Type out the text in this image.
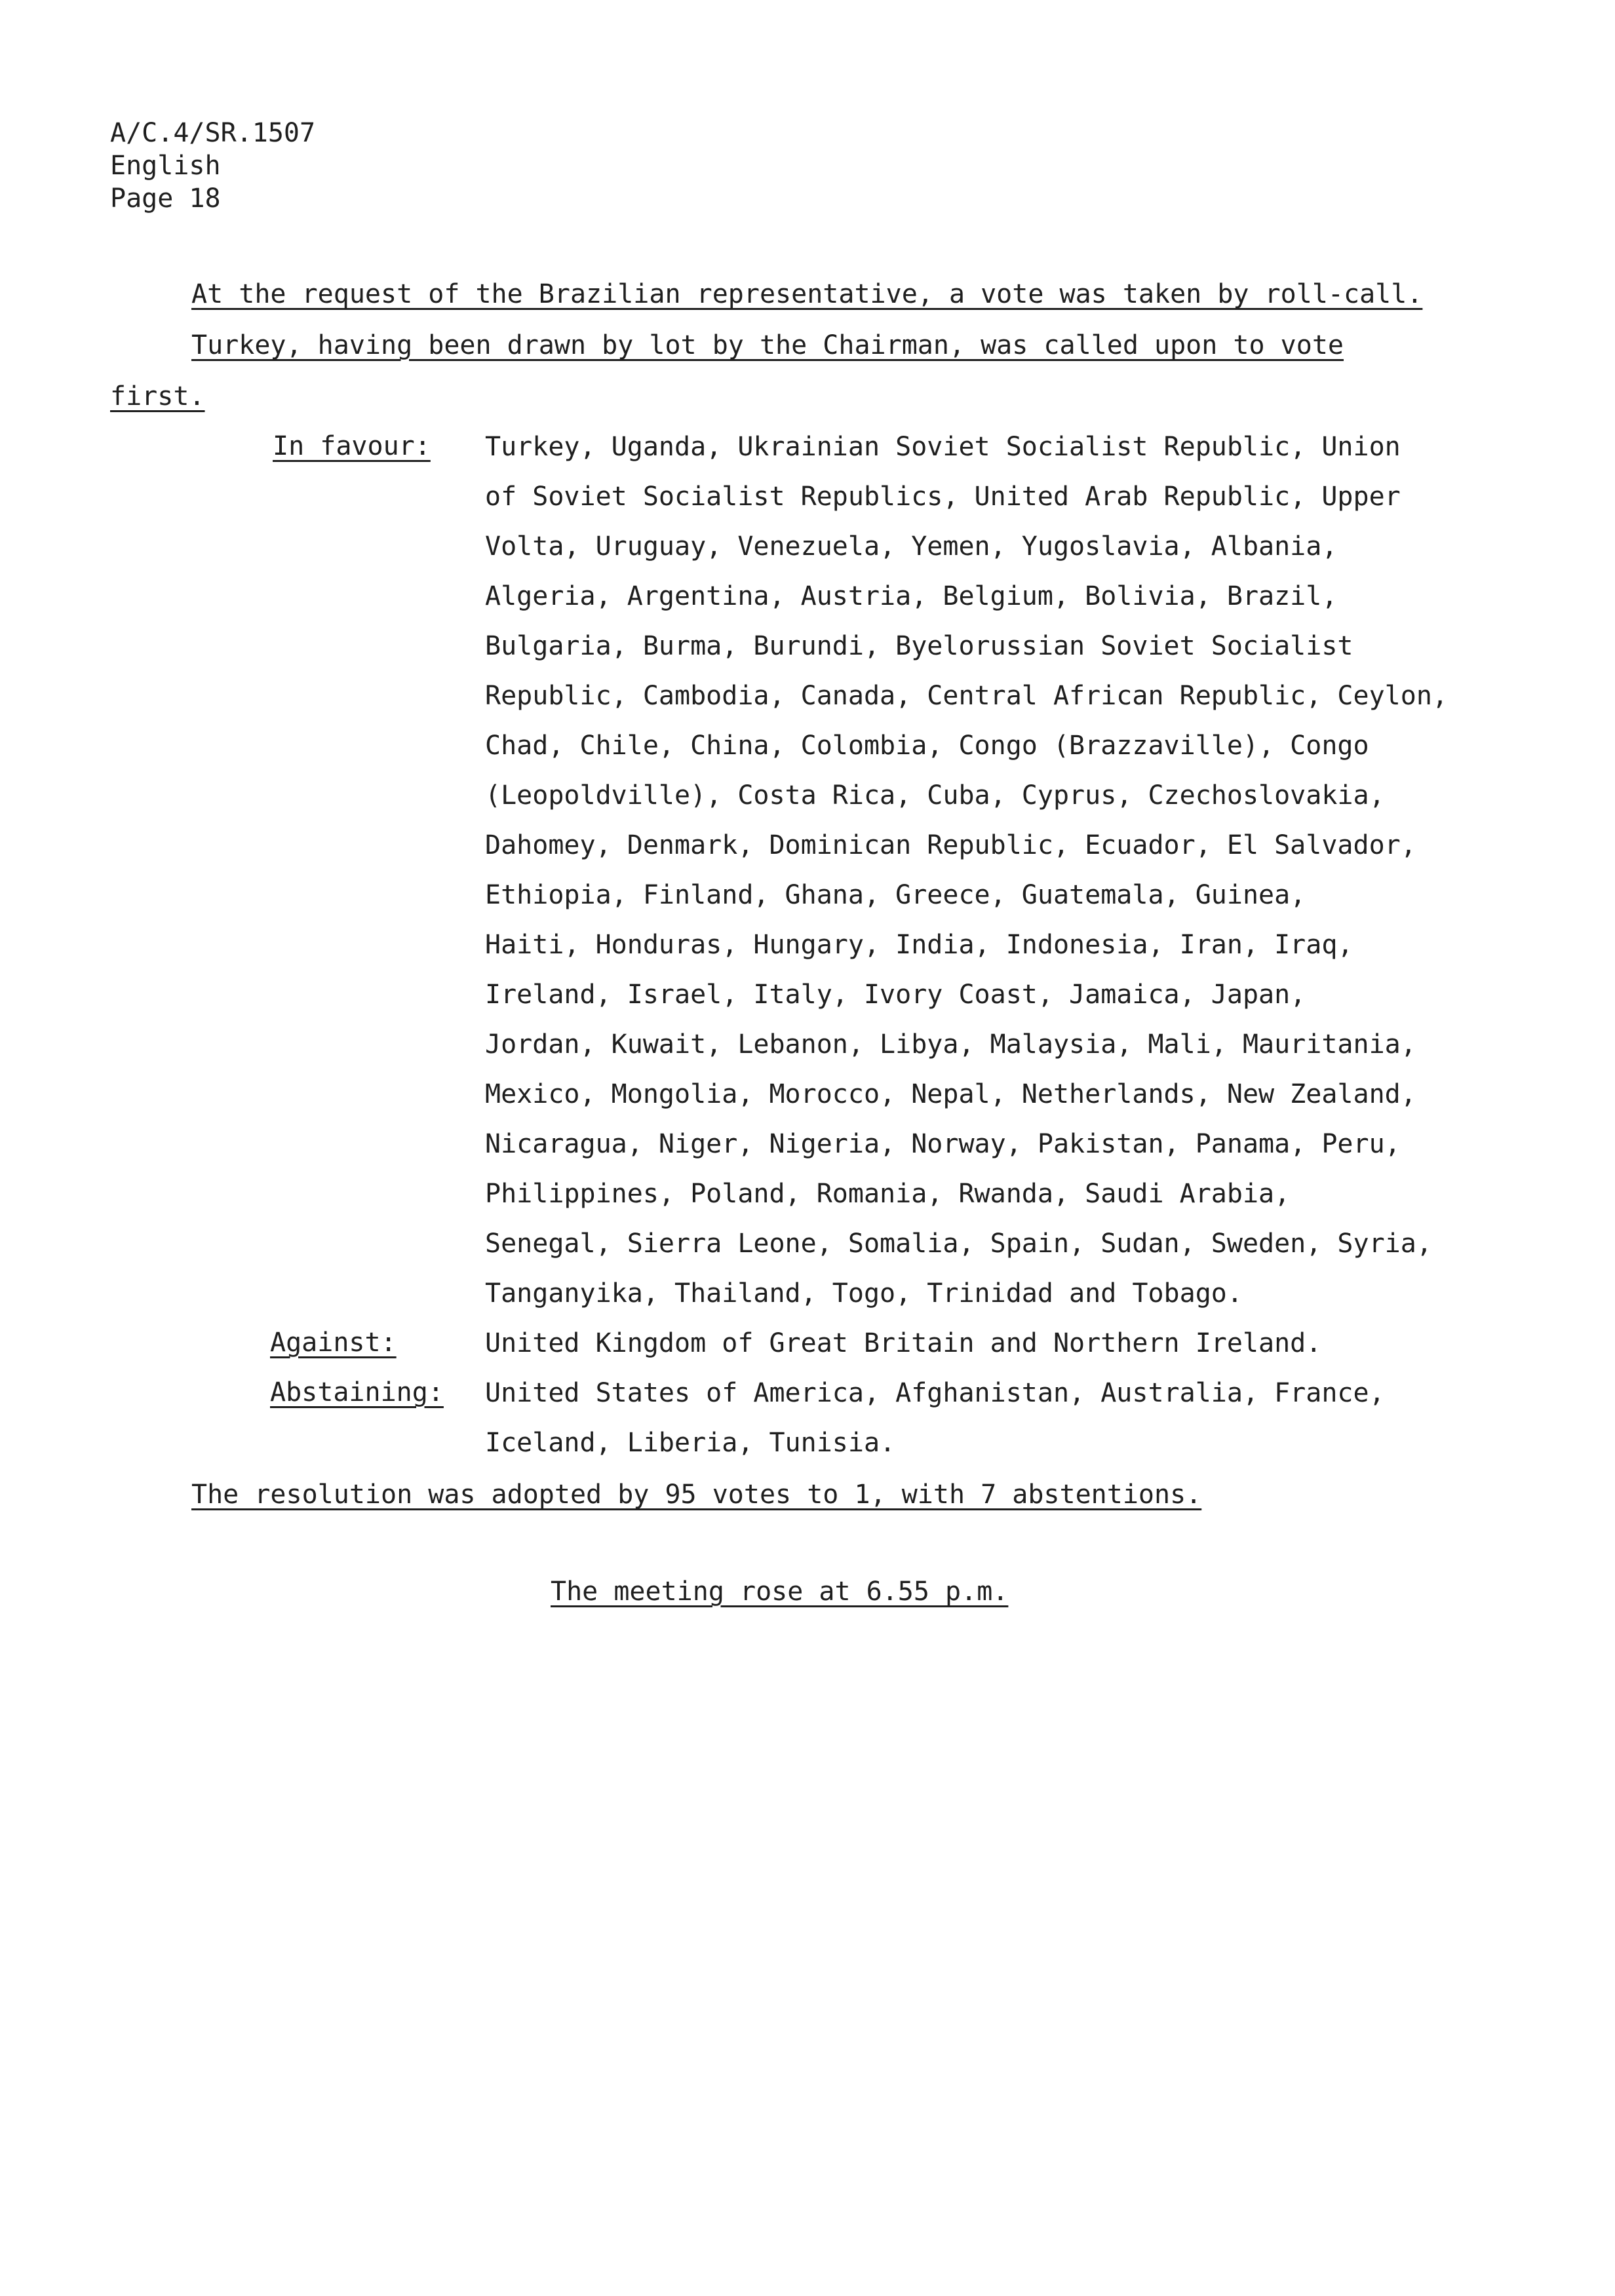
A/C.4/SR.1507
English
Page 18
At the request of the Brazilian representative, a vote was taken by roll-call.
Turkey, having been drawn by lot by the Chairman, was called upon to vote
first.
In favour: Turkey, Uganda, Ukrainian Soviet Socialist Republic, Union
of Soviet Socialist Republics, United Arab Republic, Upper
Volta, Uruguay, Venezuela, Yemen, Yugoslavia, Albania,
Algeria, Argentina, Austria, Belgium, Bolivia, Brazil,
Bulgaria, Burma, Burundi, Byelorussian Soviet Socialist
Republic, Cambodia, Canada, Central African Republic, Ceylon,
Chad, Chile, China, Colombia, Congo (Brazzaville), Congo
(Leopoldville), Costa Rica, Cuba, Cyprus, Czechoslovakia,
Dahomey, Denmark, Dominican Republic, Ecuador, El Salvador,
Ethiopia, Finland, Ghana, Greece, Guatemala, Guinea,
Haiti, Honduras, Hungary, India, Indonesia, Iran, Iraq,
Ireland, Israel, Italy, Ivory Coast, Jamaica, Japan,
Jordan, Kuwait, Lebanon, Libya, Malaysia, Mali, Mauritania,
Mexico, Mongolia, Morocco, Nepal, Netherlands, New Zealand,
Nicaragua, Niger, Nigeria, Norway, Pakistan, Panama, Peru,
Philippines, Poland, Romania, Rwanda, Saudi Arabia,
Senegal, Sierra Leone, Somalia, Spain, Sudan, Sweden, Syria,
Tanganyika, Thailand, Togo, Trinidad and Tobago.
United Kingdom of Great Britain and Northern Ireland.
United States of America, Afghanistan, Australia, France,
Iceland, Liberia, Tunisia.
Against:
Abstaining:
The resolution was adopted by 95 votes to 1, with 7 abstentions.
The meeting rose at 6.55 p.m.
